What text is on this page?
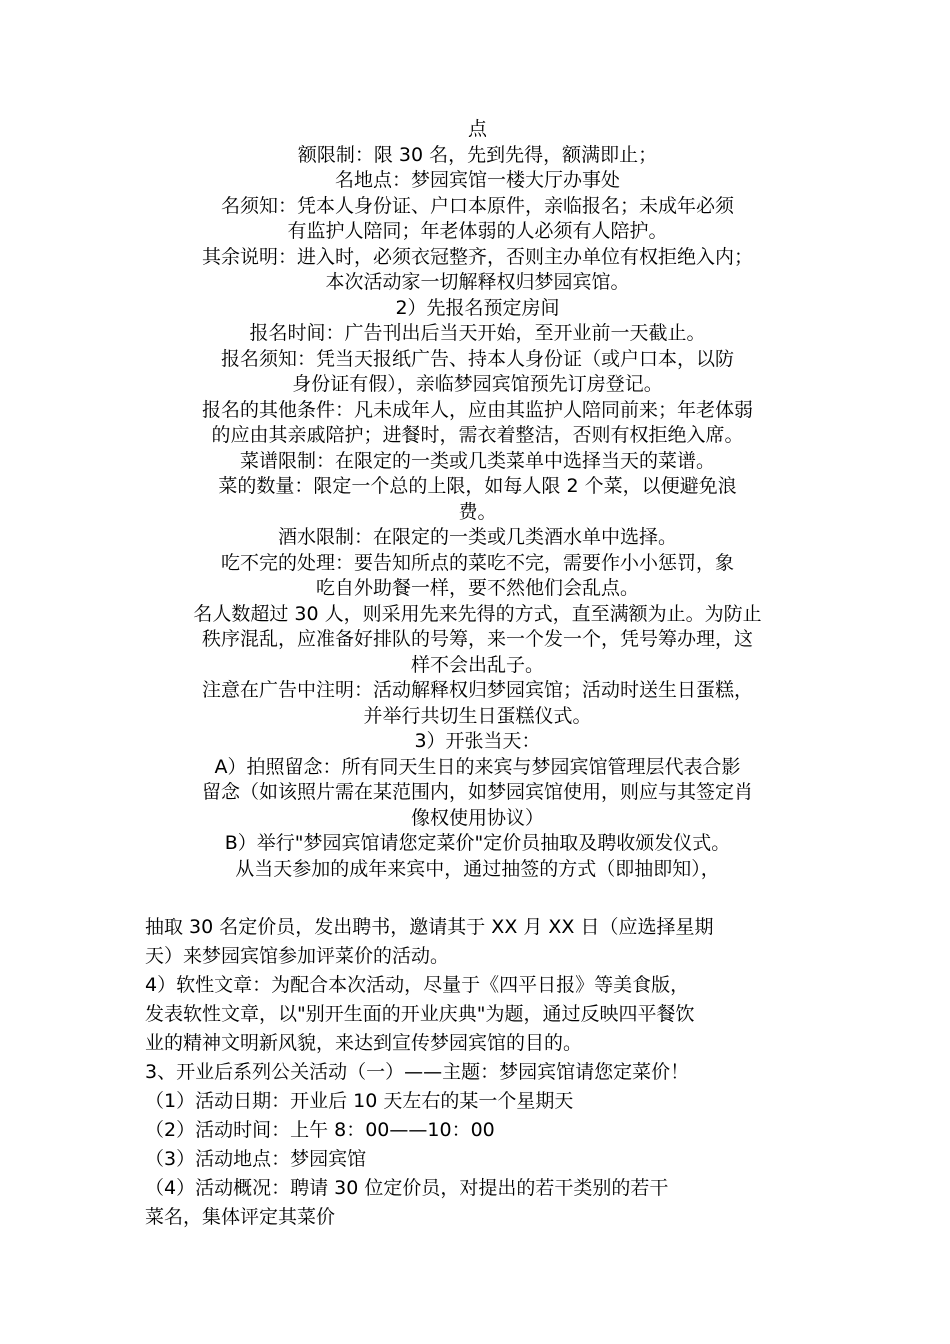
点
额限制：限 30 名，先到先得，额满即止；
名地点：梦园宾馆一楼大厅办事处
名须知：凭本人身份证、户口本原件，亲临报名；未成年必须
有监护人陪同；年老体弱的人必须有人陪护。
其余说明：进入时，必须衣冠整齐，否则主办单位有权拒绝入内；
本次活动家一切解释权归梦园宾馆。
2）先报名预定房间
报名时间：广告刊出后当天开始，至开业前一天截止。
报名须知：凭当天报纸广告、持本人身份证（或户口本，以防
身份证有假），亲临梦园宾馆预先订房登记。
报名的其他条件：凡未成年人，应由其监护人陪同前来；年老体弱
的应由其亲戚陪护；进餐时，需衣着整洁，否则有权拒绝入席。
菜谱限制：在限定的一类或几类菜单中选择当天的菜谱。
菜的数量：限定一个总的上限，如每人限 2 个菜，以便避免浪
费。
酒水限制：在限定的一类或几类酒水单中选择。
吃不完的处理：要告知所点的菜吃不完，需要作小小惩罚，象
吃自外助餐一样，要不然他们会乱点。
名人数超过 30 人，则采用先来先得的方式，直至满额为止。为防止
秩序混乱，应准备好排队的号筹，来一个发一个，凭号筹办理，这
样不会出乱子。
注意在广告中注明：活动解释权归梦园宾馆；活动时送生日蛋糕，
并举行共切生日蛋糕仪式。
3）开张当天：
A）拍照留念：所有同天生日的来宾与梦园宾馆管理层代表合影
留念（如该照片需在某范围内，如梦园宾馆使用，则应与其签定肖
像权使用协议）
B）举行"梦园宾馆请您定菜价"定价员抽取及聘收颁发仪式。
从当天参加的成年来宾中，通过抽签的方式（即抽即知），
抽取 30 名定价员，发出聘书，邀请其于 XX 月 XX 日（应选择星期
天）来梦园宾馆参加评菜价的活动。
4）软性文章：为配合本次活动，尽量于《四平日报》等美食版，
发表软性文章，以"别开生面的开业庆典"为题，通过反映四平餐饮
业的精神文明新风貌，来达到宣传梦园宾馆的目的。
3、开业后系列公关活动（一）——主题：梦园宾馆请您定菜价！
（1）活动日期：开业后 10 天左右的某一个星期天
（2）活动时间：上午 8：00——10：00
（3）活动地点：梦园宾馆
（4）活动概况：聘请 30 位定价员，对提出的若干类别的若干
菜名，集体评定其菜价
